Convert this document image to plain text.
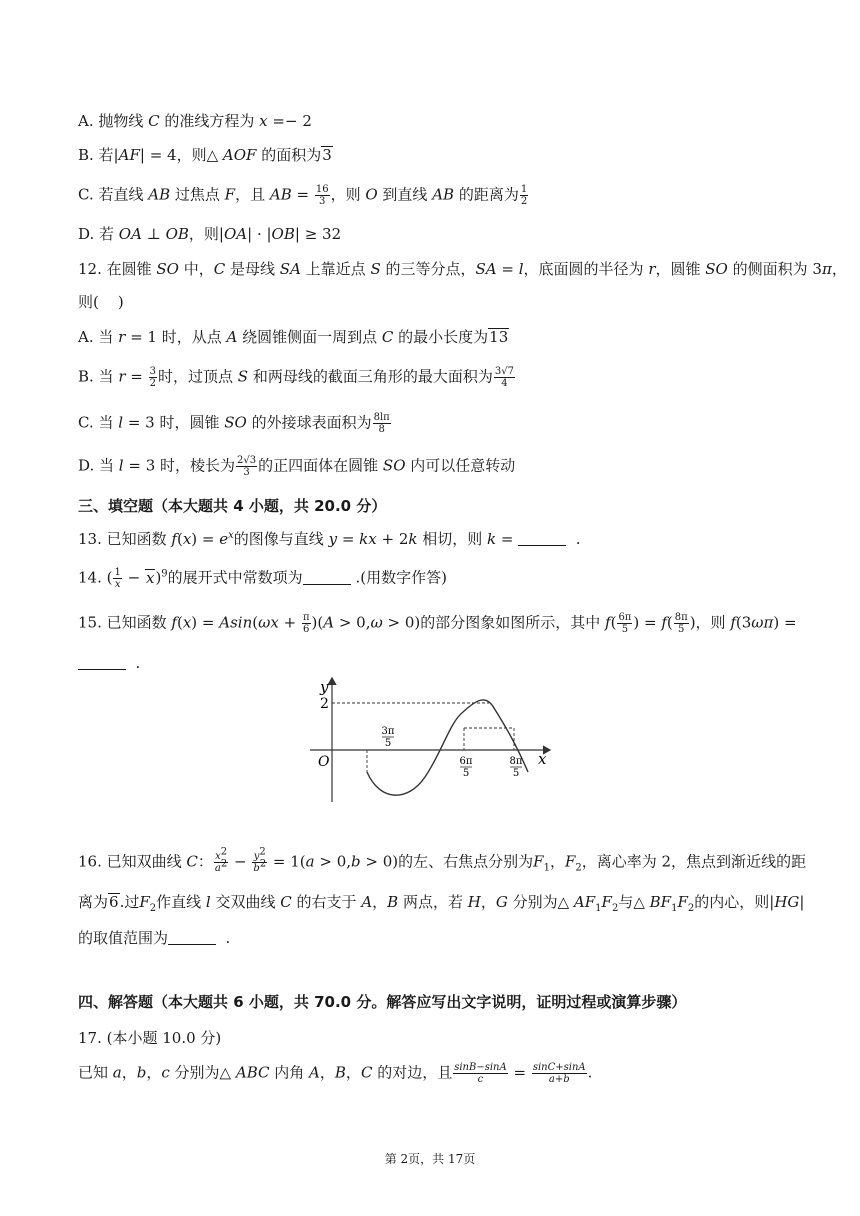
A. 抛物线 C 的准线方程为 x =− 2
B. 若|AF| = 4，则△ AOF 的面积为3
C. 若直线 AB 过焦点 F，且 AB = $\frac{16}{3}$ ，则 O 到直线 AB 的距离为 $\frac{1}{2}$
D. 若 OA ⊥ OB，则|OA| · |OB| ≥ 32
12. 在圆锥 SO 中，C 是母线 SA 上靠近点 S 的三等分点，SA = l，底面圆的半径为 r，圆锥 SO 的侧面积为 3π，
则(    )
A. 当 r = 1 时，从点 A 绕圆锥侧面一周到点 C 的最小长度为13
B. 当 $r = \frac{3}{2}$ 时，过顶点 S 和两母线的截面三角形的最大面积为 $\frac{3√7}{4}$
C. 当 l = 3 时，圆锥 SO 的外接球表面积为 $\frac{8l\pi}{8}$
D. 当 l = 3 时，棱长为 $\frac{2√3}{3}$ 的正四面体在圆锥 SO 内可以任意转动
三、填空题（本大题共 4 小题，共 20.0 分）
13. 已知函数 $f(x) = e^x$的图像与直线 y = kx + 2k 相切，则 k =	.
14. ( $\frac{1}{x} - x)^9$的展开式中常数项为	.(用数字作答)
15. 已知函数 $f(x) = Asin(\omega x + \frac{\pi}{6} )(A > 0,\omega > 0)$的部分图象如图所示，其中 $f( \frac{6\pi}{5}$ ) = $f( \frac{8\pi}{5}$ )，则 f(3ωπ) =
.
y
x
O
2
3π
5
6π
5
8π
5
16. 已知双曲线 C： $\frac{x^2}{a^2} - \frac{y^2}{b^2} = 1(a > 0,b > 0)$的左、右焦点分别为$F_1$，$F_2$，离心率为 2，焦点到渐近线的距
离为6.过$F_2$作直线 l 交双曲线 C 的右支于 A，B 两点，若 H，G 分别为△ $AF_1F_2$与△ $BF_1F_2$的内心，则|HG|
的取值范围为	.
四、解答题（本大题共 6 小题，共 70.0 分。解答应写出文字说明，证明过程或演算步骤）
17. (本小题 10.0 分)
已知 a，b，c 分别为△ ABC 内角 A，B，C 的对边，且 $\frac{\sin B-\sin A}{c} = \frac{\sin C+\sin A}{a+b}$ .
第 2页，共 17页
